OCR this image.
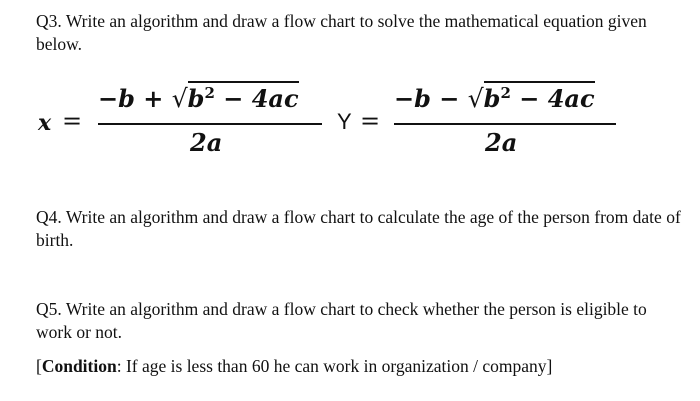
Q3. Write an algorithm and draw a flow chart to solve the mathematical equation given below.
x =
$-b + √b^2 - 4ac$
2a
Y =
$-b - √b^2 - 4ac$
2a
Q4. Write an algorithm and draw a flow chart to calculate the age of the person from date of birth.
Q5. Write an algorithm and draw a flow chart to check whether the person is eligible to work or not.
[Condition: If age is less than 60 he can work in organization / company]
